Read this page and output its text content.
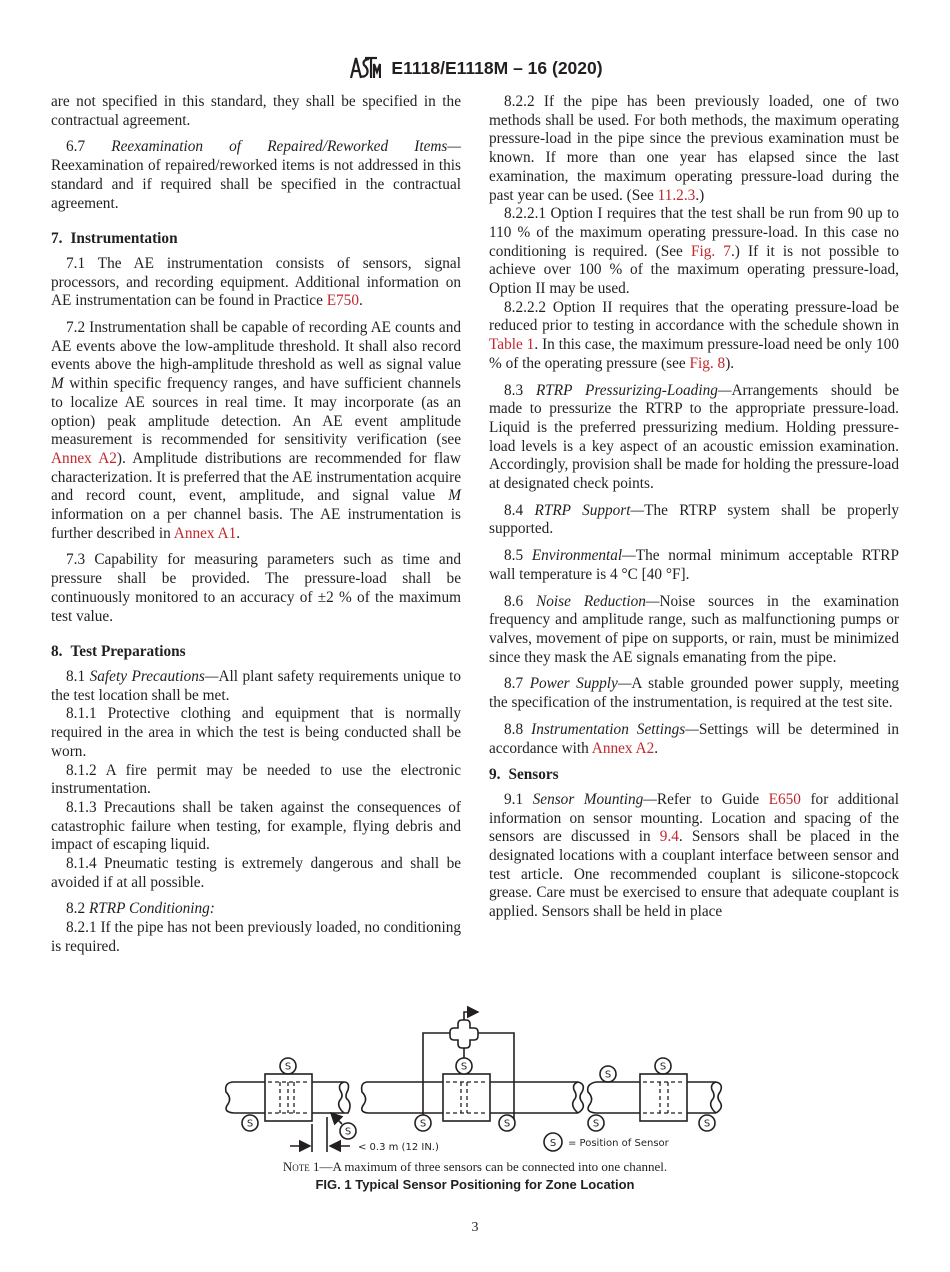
E1118/E1118M – 16 (2020)

are not specified in this standard, they shall be specified in the contractual agreement.

6.7 Reexamination of Repaired/Reworked Items— Reexamination of repaired/reworked items is not addressed in this standard and if required shall be specified in the contractual agreement.

7. Instrumentation

7.1 The AE instrumentation consists of sensors, signal processors, and recording equipment. Additional information on AE instrumentation can be found in Practice E750.

7.2 Instrumentation shall be capable of recording AE counts and AE events above the low-amplitude threshold. It shall also record events above the high-amplitude threshold as well as signal value M within specific frequency ranges, and have sufficient channels to localize AE sources in real time. It may incorporate (as an option) peak amplitude detection. An AE event amplitude measurement is recommended for sensitivity verification (see Annex A2). Amplitude distributions are recommended for flaw characterization. It is preferred that the AE instrumentation acquire and record count, event, amplitude, and signal value M information on a per channel basis. The AE instrumentation is further described in Annex A1.

7.3 Capability for measuring parameters such as time and pressure shall be provided. The pressure-load shall be continuously monitored to an accuracy of ±2 % of the maximum test value.

8. Test Preparations

8.1 Safety Precautions—All plant safety requirements unique to the test location shall be met.

8.1.1 Protective clothing and equipment that is normally required in the area in which the test is being conducted shall be worn.

8.1.2 A fire permit may be needed to use the electronic instrumentation.

8.1.3 Precautions shall be taken against the consequences of catastrophic failure when testing, for example, flying debris and impact of escaping liquid.

8.1.4 Pneumatic testing is extremely dangerous and shall be avoided if at all possible.

8.2 RTRP Conditioning:

8.2.1 If the pipe has not been previously loaded, no conditioning is required.

8.2.2 If the pipe has been previously loaded, one of two methods shall be used. For both methods, the maximum operating pressure-load in the pipe since the previous examination must be known. If more than one year has elapsed since the last examination, the maximum operating pressure-load during the past year can be used. (See 11.2.3.)

8.2.2.1 Option I requires that the test shall be run from 90 up to 110 % of the maximum operating pressure-load. In this case no conditioning is required. (See Fig. 7.) If it is not possible to achieve over 100 % of the maximum operating pressure-load, Option II may be used.

8.2.2.2 Option II requires that the operating pressure-load be reduced prior to testing in accordance with the schedule shown in Table 1. In this case, the maximum pressure-load need be only 100 % of the operating pressure (see Fig. 8).

8.3 RTRP Pressurizing-Loading—Arrangements should be made to pressurize the RTRP to the appropriate pressure-load. Liquid is the preferred pressurizing medium. Holding pressure-load levels is a key aspect of an acoustic emission examination. Accordingly, provision shall be made for holding the pressure-load at designated check points.

8.4 RTRP Support—The RTRP system shall be properly supported.

8.5 Environmental—The normal minimum acceptable RTRP wall temperature is 4 °C [40 °F].

8.6 Noise Reduction—Noise sources in the examination frequency and amplitude range, such as malfunctioning pumps or valves, movement of pipe on supports, or rain, must be minimized since they mask the AE signals emanating from the pipe.

8.7 Power Supply—A stable grounded power supply, meeting the specification of the instrumentation, is required at the test site.

8.8 Instrumentation Settings—Settings will be determined in accordance with Annex A2.

9. Sensors

9.1 Sensor Mounting—Refer to Guide E650 for additional information on sensor mounting. Location and spacing of the sensors are discussed in 9.4. Sensors shall be placed in the designated locations with a couplant interface between sensor and test article. One recommended couplant is silicone-stopcock grease. Care must be exercised to ensure that adequate couplant is applied. Sensors shall be held in place

S
S
S
S
S	S
S
S
S	S
S
< 0.3 m (12 IN.)	= Position of Sensor
Note 1—A maximum of three sensors can be connected into one channel.
FIG. 1 Typical Sensor Positioning for Zone Location
3
